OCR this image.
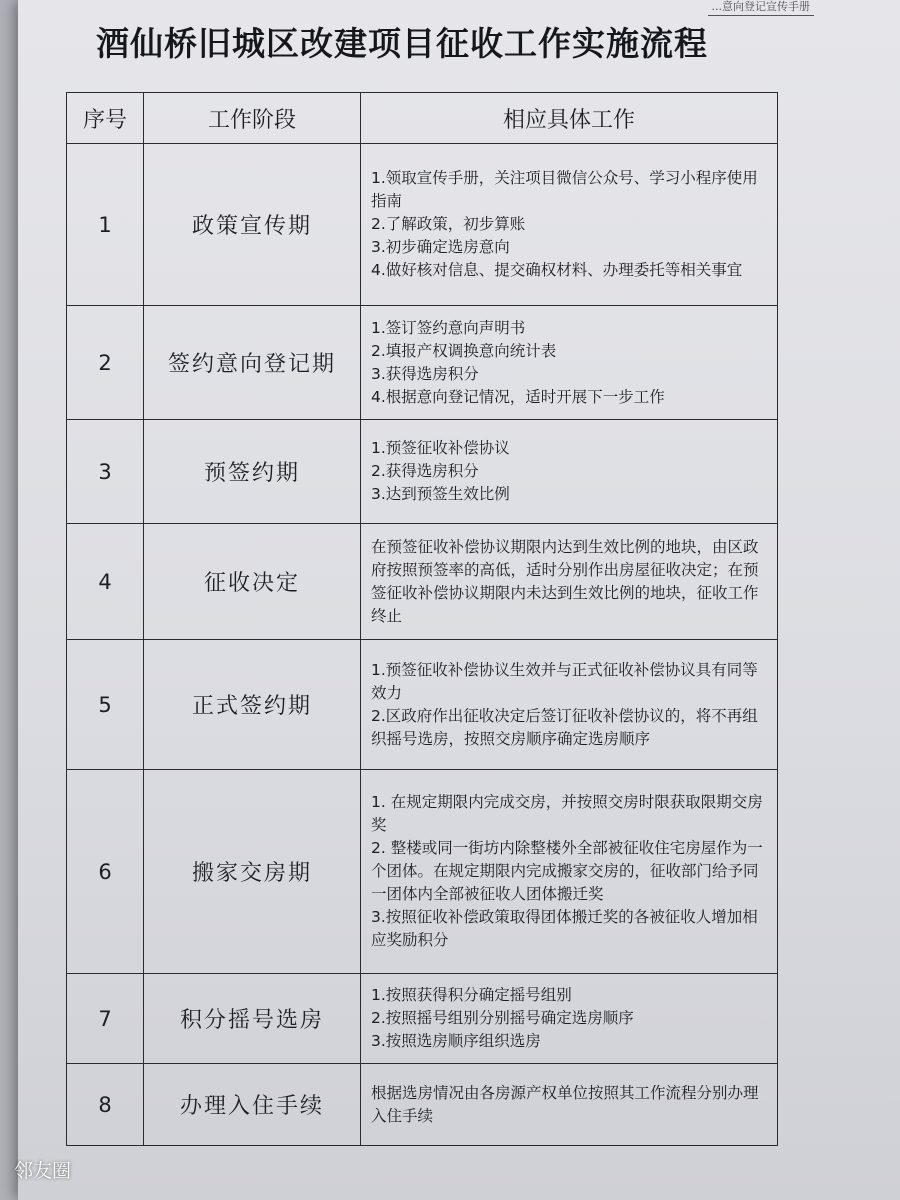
...意向登记宣传手册
酒仙桥旧城区改建项目征收工作实施流程
序号	工作阶段	相应具体工作
1	政策宣传期	1.领取宣传手册，关注项目微信公众号、学习小程序使用指南
2.了解政策，初步算账
3.初步确定选房意向
4.做好核对信息、提交确权材料、办理委托等相关事宜

2	签约意向登记期	1.签订签约意向声明书
2.填报产权调换意向统计表
3.获得选房积分
4.根据意向登记情况，适时开展下一步工作

3	预签约期	1.预签征收补偿协议
2.获得选房积分
3.达到预签生效比例

4	征收决定	在预签征收补偿协议期限内达到生效比例的地块，由区政府按照预签率的高低，适时分别作出房屋征收决定；在预签征收补偿协议期限内未达到生效比例的地块，征收工作终止

5	正式签约期	1.预签征收补偿协议生效并与正式征收补偿协议具有同等效力
2.区政府作出征收决定后签订征收补偿协议的，将不再组织摇号选房，按照交房顺序确定选房顺序

6	搬家交房期	1. 在规定期限内完成交房，并按照交房时限获取限期交房奖
2. 整楼或同一街坊内除整楼外全部被征收住宅房屋作为一个团体。在规定期限内完成搬家交房的，征收部门给予同一团体内全部被征收人团体搬迁奖
3.按照征收补偿政策取得团体搬迁奖的各被征收人增加相应奖励积分

7	积分摇号选房	1.按照获得积分确定摇号组别
2.按照摇号组别分别摇号确定选房顺序
3.按照选房顺序组织选房

8	办理入住手续	根据选房情况由各房源产权单位按照其工作流程分别办理入住手续
邻友圈
